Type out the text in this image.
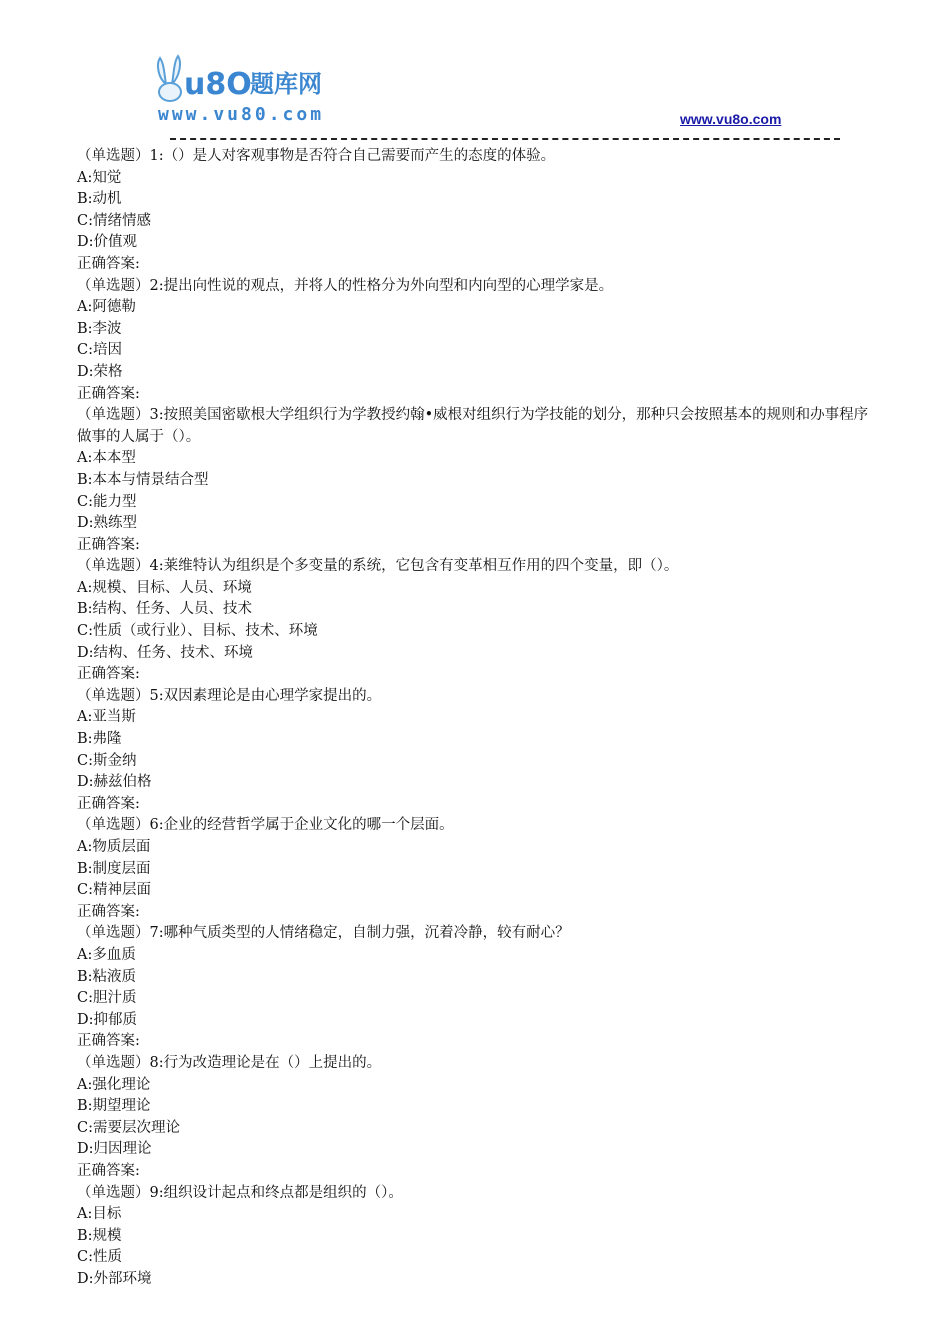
u8O
题库网
www.vu80.com	www.vu8o.com
（单选题）1:（）是人对客观事物是否符合自己需要而产生的态度的体验。
A:知觉
B:动机
C:情绪情感
D:价值观
正确答案:
（单选题）2:提出向性说的观点，并将人的性格分为外向型和内向型的心理学家是。
A:阿德勒
B:李波
C:培因
D:荣格
正确答案:
（单选题）3:按照美国密歇根大学组织行为学教授约翰•威根对组织行为学技能的划分，那种只会按照基本的规则和办事程序做事的人属于（）。
A:本本型
B:本本与情景结合型
C:能力型
D:熟练型
正确答案:
（单选题）4:莱维特认为组织是个多变量的系统，它包含有变革相互作用的四个变量，即（）。
A:规模、目标、人员、环境
B:结构、任务、人员、技术
C:性质（或行业）、目标、技术、环境
D:结构、任务、技术、环境
正确答案:
（单选题）5:双因素理论是由心理学家提出的。
A:亚当斯
B:弗隆
C:斯金纳
D:赫兹伯格
正确答案:
（单选题）6:企业的经营哲学属于企业文化的哪一个层面。
A:物质层面
B:制度层面
C:精神层面
正确答案:
（单选题）7:哪种气质类型的人情绪稳定，自制力强，沉着冷静，较有耐心？
A:多血质
B:粘液质
C:胆汁质
D:抑郁质
正确答案:
（单选题）8:行为改造理论是在（）上提出的。
A:强化理论
B:期望理论
C:需要层次理论
D:归因理论
正确答案:
（单选题）9:组织设计起点和终点都是组织的（）。
A:目标
B:规模
C:性质
D:外部环境
